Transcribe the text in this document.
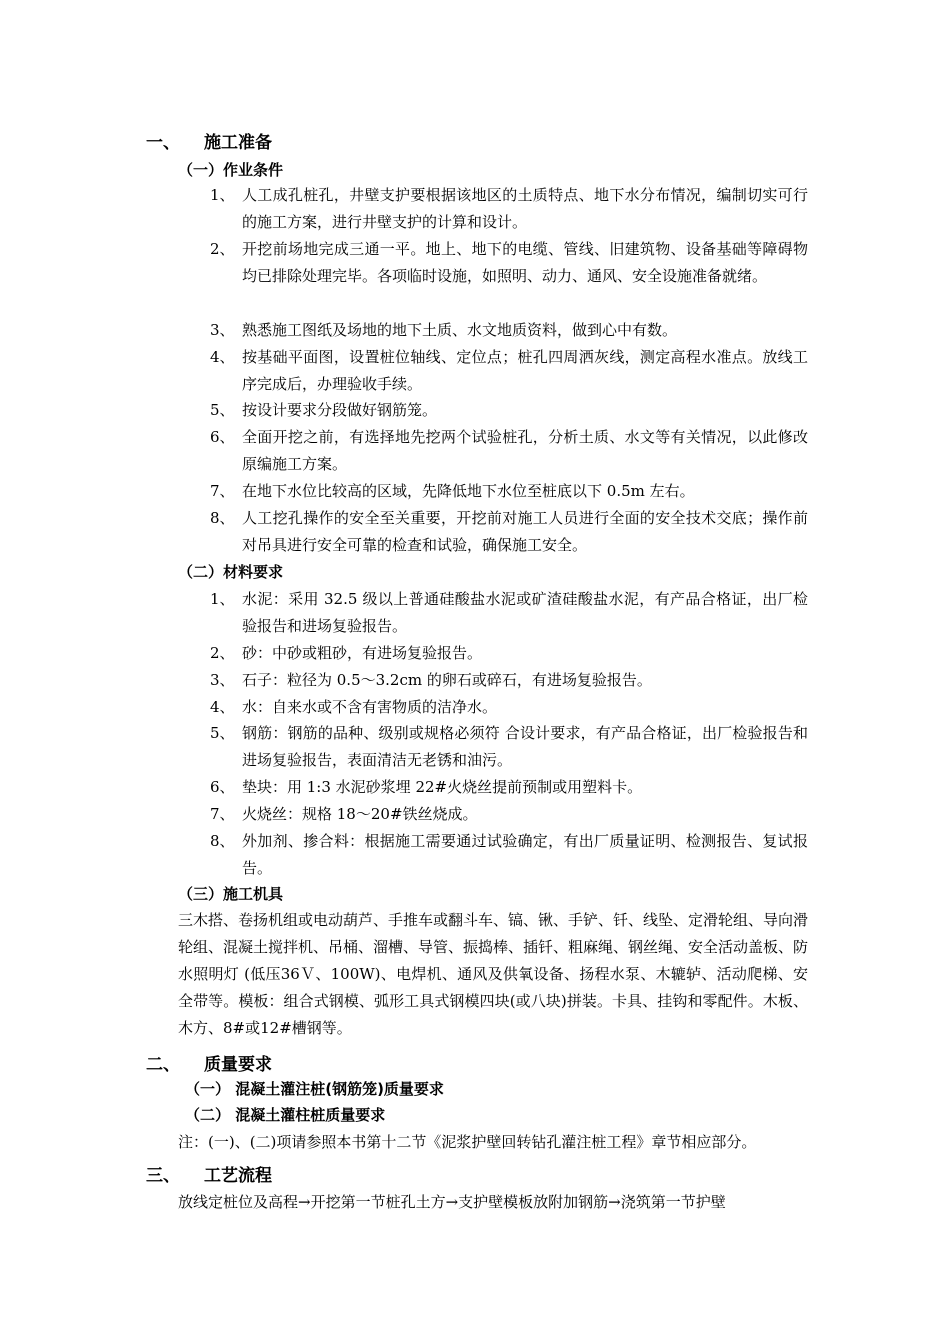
一、 施工准备
（一）作业条件
1、 人工成孔桩孔，井壁支护要根据该地区的土质特点、地下水分布情况，编制切实可行的施工方案，进行井壁支护的计算和设计。
2、 开挖前场地完成三通一平。地上、地下的电缆、管线、旧建筑物、设备基础等障碍物均已排除处理完毕。各项临时设施，如照明、动力、通风、安全设施准备就绪。
3、 熟悉施工图纸及场地的地下土质、水文地质资料，做到心中有数。
4、 按基础平面图，设置桩位轴线、定位点；桩孔四周洒灰线，测定高程水准点。放线工序完成后，办理验收手续。
5、 按设计要求分段做好钢筋笼。
6、 全面开挖之前，有选择地先挖两个试验桩孔，分析土质、水文等有关情况，以此修改原编施工方案。
7、 在地下水位比较高的区域，先降低地下水位至桩底以下 0.5m 左右。
8、 人工挖孔操作的安全至关重要，开挖前对施工人员进行全面的安全技术交底；操作前对吊具进行安全可靠的检查和试验，确保施工安全。
（二）材料要求
1、 水泥：采用 32.5 级以上普通硅酸盐水泥或矿渣硅酸盐水泥，有产品合格证，出厂检验报告和进场复验报告。
2、 砂：中砂或粗砂，有进场复验报告。
3、 石子：粒径为 0.5～3.2cm 的卵石或碎石，有进场复验报告。
4、 水：自来水或不含有害物质的洁净水。
5、 钢筋：钢筋的品种、级别或规格必须符 合设计要求，有产品合格证，出厂检验报告和进场复验报告，表面清洁无老锈和油污。
6、 垫块：用 1:3 水泥砂浆埋 22#火烧丝提前预制或用塑料卡。
7、 火烧丝：规格 18～20#铁丝烧成。
8、 外加剂、掺合料：根据施工需要通过试验确定，有出厂质量证明、检测报告、复试报告。
（三）施工机具
三木搭、卷扬机组或电动葫芦、手推车或翻斗车、镐、锹、手铲、钎、线坠、定滑轮组、导向滑轮组、混凝土搅拌机、吊桶、溜槽、导管、振捣棒、插钎、粗麻绳、钢丝绳、安全活动盖板、防水照明灯 (低压36Ｖ、100W)、电焊机、通风及供氧设备、扬程水泵、木辘轳、活动爬梯、安全带等。模板：组合式钢模、弧形工具式钢模四块(或八块)拼装。卡具、挂钩和零配件。木板、木方、8#或12#槽钢等。
二、 质量要求
（一） 混凝土灌注桩(钢筋笼)质量要求
（二） 混凝土灌柱桩质量要求
注：(一)、(二)项请参照本书第十二节《泥浆护壁回转钻孔灌注桩工程》章节相应部分。
三、 工艺流程
放线定桩位及高程→开挖第一节桩孔土方→支护壁模板放附加钢筋→浇筑第一节护壁
